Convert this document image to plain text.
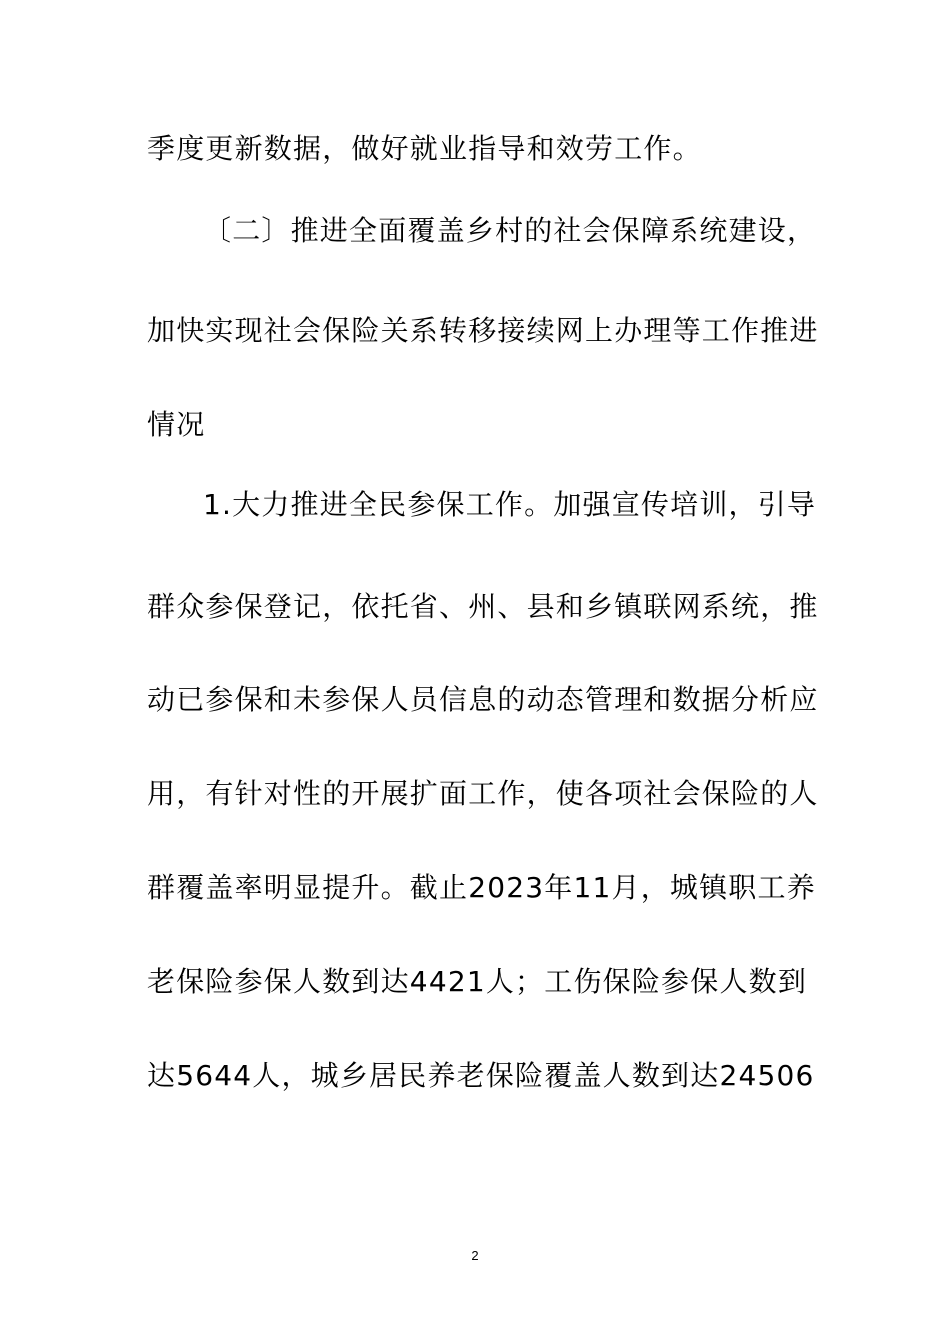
季度更新数据，做好就业指导和效劳工作。
〔二〕推进全面覆盖乡村的社会保障系统建设，
加快实现社会保险关系转移接续网上办理等工作推进
情况
1.大力推进全民参保工作。加强宣传培训，引导
群众参保登记，依托省、州、县和乡镇联网系统，推
动已参保和未参保人员信息的动态管理和数据分析应
用，有针对性的开展扩面工作，使各项社会保险的人
群覆盖率明显提升。截止2023年11月，城镇职工养
老保险参保人数到达4421人；工伤保险参保人数到
达5644人，城乡居民养老保险覆盖人数到达24506
2
